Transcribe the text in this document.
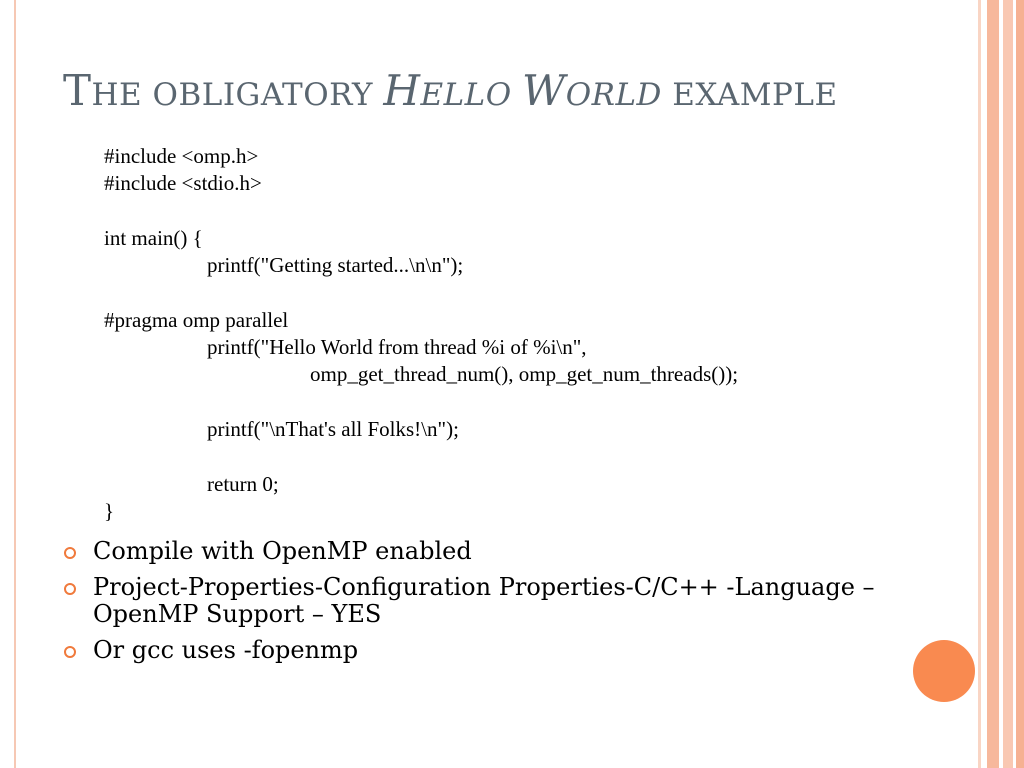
THE OBLIGATORY HELLO WORLD EXAMPLE
#include <omp.h>
#include <stdio.h>
int main() {
printf("Getting started...\n\n");
#pragma omp parallel
printf("Hello World from thread %i of %i\n",
omp_get_thread_num(), omp_get_num_threads());
printf("\nThat's all Folks!\n");
return 0;
}
Compile with OpenMP enabled
Project-Properties-Configuration Properties-C/C++ -Language – OpenMP Support – YES
Or gcc uses -fopenmp
